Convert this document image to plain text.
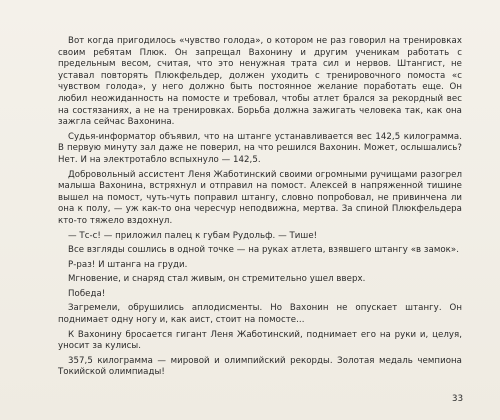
Вот когда пригодилось «чувство голода», о котором не раз говорил на тренировках своим ребятам Плюк. Он запрещал Вахонину и другим ученикам работать с предельным весом, считая, что это ненужная трата сил и нервов. Штангист, не уставал повторять Плюкфельдер, должен уходить с тренировочного помоста «с чувством голода», у него должно быть постоянное желание поработать еще. Он любил неожиданность на помосте и требовал, чтобы атлет брался за рекордный вес на состязаниях, а не на тренировках. Борьба должна зажигать человека так, как она зажгла сейчас Вахонина.

Судья-информатор объявил, что на штанге устанавливается вес 142,5 килограмма. В первую минуту зал даже не поверил, на что решился Вахонин. Может, ослышались? Нет. И на электротабло вспыхнуло — 142,5.

Добровольный ассистент Леня Жаботинский своими огромными ручищами разогрел малыша Вахонина, встряхнул и отправил на помост. Алексей в напряженной тишине вышел на помост, чуть-чуть поправил штангу, словно попробовал, не привинчена ли она к полу, — уж как-то она чересчур неподвижна, мертва. За спиной Плюкфельдера кто-то тяжело вздохнул.

— Тс-с! — приложил палец к губам Рудольф. — Тише!

Все взгляды сошлись в одной точке — на руках атлета, взявшего штангу «в замок».

Р-раз! И штанга на груди.

Мгновение, и снаряд стал живым, он стремительно ушел вверх.

Победа!

Загремели, обрушились аплодисменты. Но Вахонин не опускает штангу. Он поднимает одну ногу и, как аист, стоит на помосте...

К Вахонину бросается гигант Леня Жаботинский, поднимает его на руки и, целуя, уносит за кулисы.

357,5 килограмма — мировой и олимпийский рекорды. Золотая медаль чемпиона Токийской олимпиады!

33
